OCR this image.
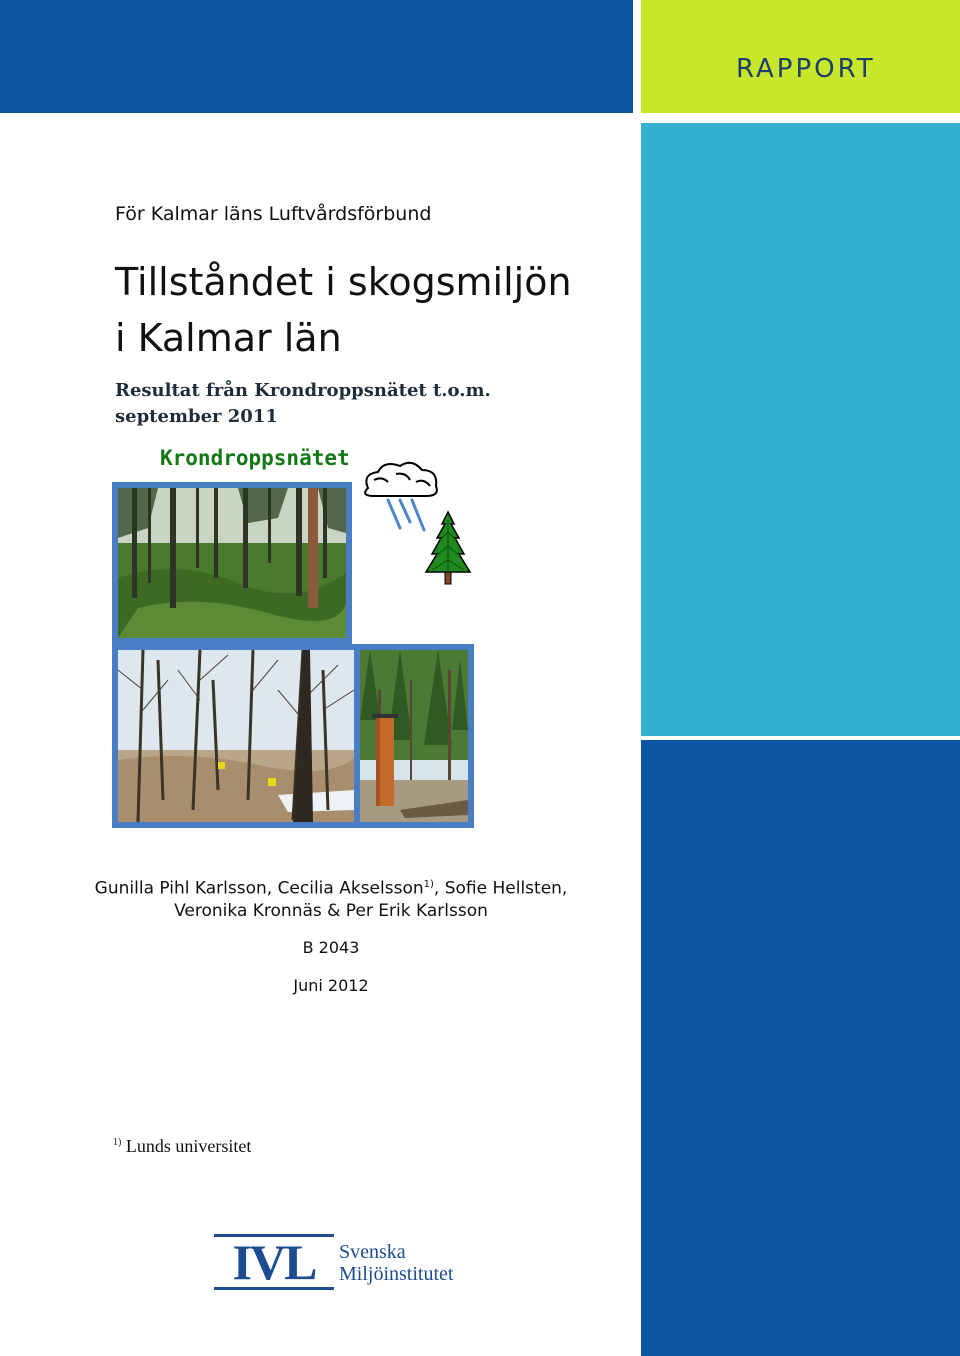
RAPPORT
För Kalmar läns Luftvårdsförbund
Tillståndet i skogsmiljön
i Kalmar län
Resultat från Krondroppsnätet t.o.m.
september 2011
Krondroppsnätet
Gunilla Pihl Karlsson, Cecilia Akselsson$^{1)}$, Sofie Hellsten,
Veronika Kronnäs & Per Erik Karlsson
B 2043
Juni 2012
$^{1)}$ Lunds universitet
IVL	Svenska
Miljöinstitutet
